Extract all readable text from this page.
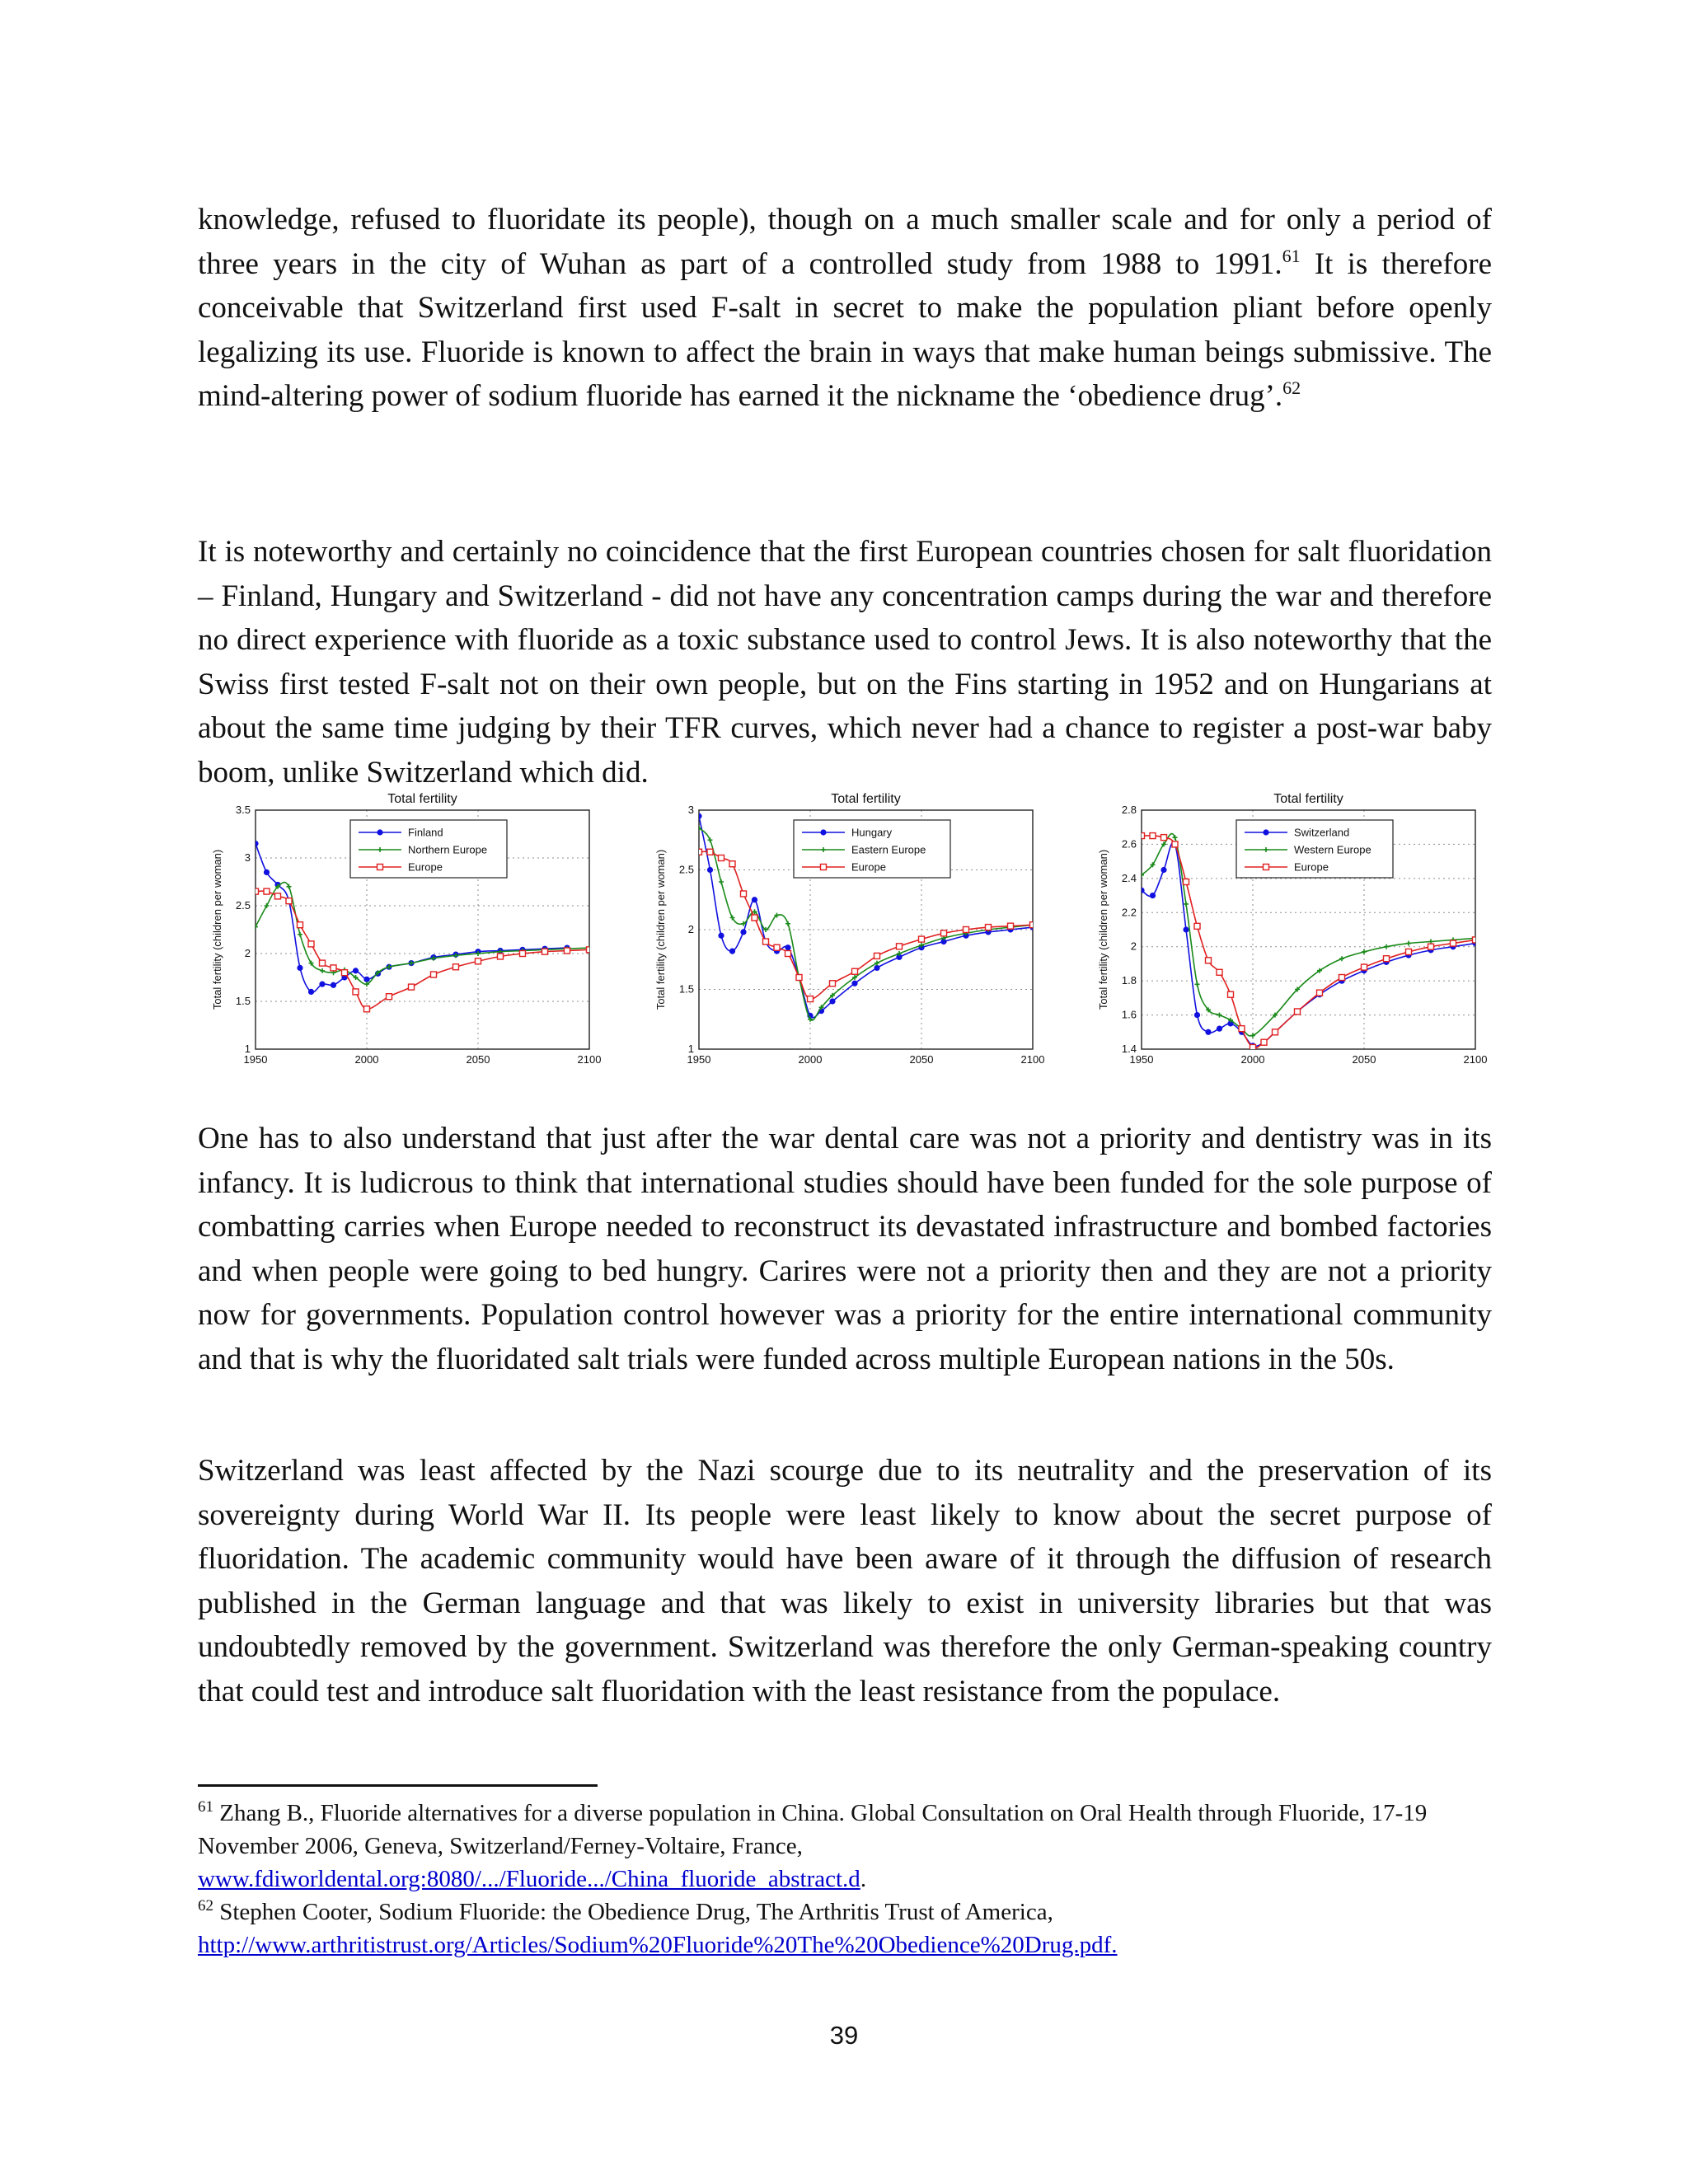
knowledge, refused to fluoridate its people), though on a much smaller scale and for only a period of three years in the city of Wuhan as part of a controlled study from 1988 to 1991.61 It is therefore conceivable that Switzerland first used F-salt in secret to make the population pliant before openly legalizing its use. Fluoride is known to affect the brain in ways that make human beings submissive. The mind-altering power of sodium fluoride has earned it the nickname the ‘obedience drug’.$^{62}$

It is noteworthy and certainly no coincidence that the first European countries chosen for salt fluoridation – Finland, Hungary and Switzerland - did not have any concentration camps during the war and therefore no direct experience with fluoride as a toxic substance used to control Jews. It is also noteworthy that the Swiss first tested F-salt not on their own people, but on the Fins starting in 1952 and on Hungarians at about the same time judging by their TFR curves, which never had a chance to register a post-war baby boom, unlike Switzerland which did.

Total fertility
1950	2000	2050	2100
1
1.5
2
2.5
3
3.5
Total fertility (children per woman)
Finland
Northern Europe
Europe
Total fertility
1950	2000	2050	2100
1
1.5
2
2.5
3
Total fertility (children per woman)
Hungary
Eastern Europe
Europe
Total fertility
1950	2000	2050	2100
1.4
1.6
1.8
2
2.2
2.4
2.6
2.8
Total fertility (children per woman)
Switzerland
Western Europe
Europe

One has to also understand that just after the war dental care was not a priority and dentistry was in its infancy. It is ludicrous to think that international studies should have been funded for the sole purpose of combatting carries when Europe needed to reconstruct its devastated infrastructure and bombed factories and when people were going to bed hungry. Carires were not a priority then and they are not a priority now for governments. Population control however was a priority for the entire international community and that is why the fluoridated salt trials were funded across multiple European nations in the 50s.

Switzerland was least affected by the Nazi scourge due to its neutrality and the preservation of its sovereignty during World War II. Its people were least likely to know about the secret purpose of fluoridation. The academic community would have been aware of it through the diffusion of research published in the German language and that was likely to exist in university libraries but that was undoubtedly removed by the government. Switzerland was therefore the only German-speaking country that could test and introduce salt fluoridation with the least resistance from the populace.

$^{61}$ Zhang B., Fluoride alternatives for a diverse population in China. Global Consultation on Oral Health through Fluoride, 17-19
November 2006, Geneva, Switzerland/Ferney-Voltaire, France,
www.fdiworldental.org:8080/.../Fluoride.../China_fluoride_abstract.d.

$^{62}$ Stephen Cooter, Sodium Fluoride: the Obedience Drug, The Arthritis Trust of America,
http://www.arthritistrust.org/Articles/Sodium%20Fluoride%20The%20Obedience%20Drug.pdf.

39
